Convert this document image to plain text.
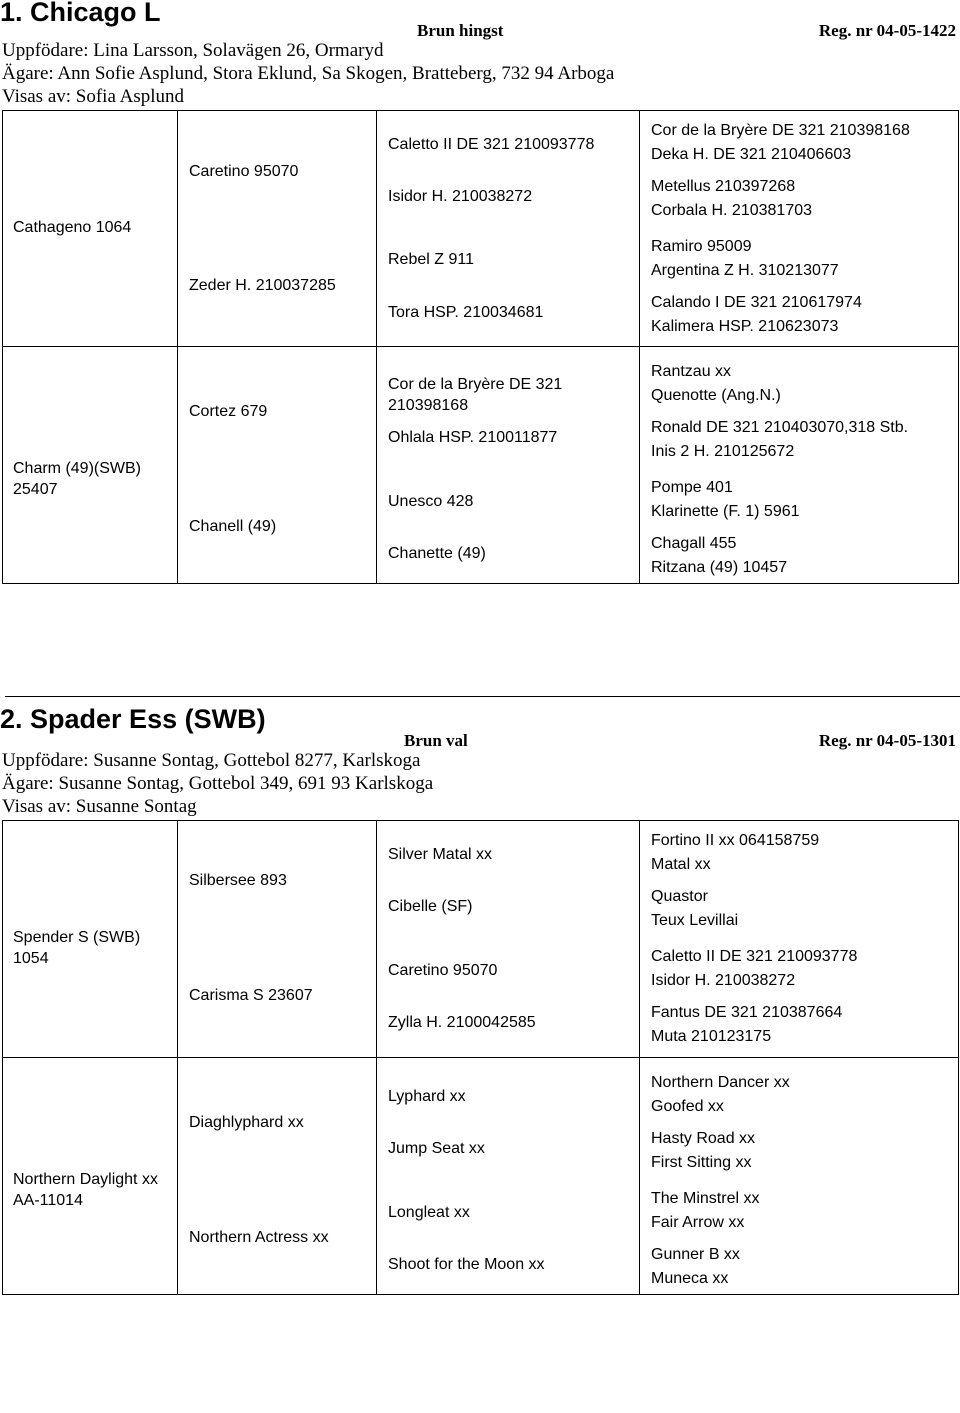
1. Chicago L
Brun hingst	Reg. nr 04-05-1422
Uppfödare: Lina Larsson, Solavägen 26, Ormaryd
Ägare: Ann Sofie Asplund, Stora Eklund, Sa Skogen, Bratteberg, 732 94 Arboga
Visas av: Sofia Asplund
Cathageno 1064
Caretino 95070
Zeder H. 210037285
Caletto II DE 321 210093778
Isidor H. 210038272
Rebel Z 911
Tora HSP. 210034681
Cor de la Bryère DE 321 210398168
Deka H. DE 321 210406603
Metellus 210397268
Corbala H. 210381703
Ramiro 95009
Argentina Z H. 310213077
Calando I DE 321 210617974
Kalimera HSP. 210623073
Charm (49)(SWB)
25407
Cortez 679
Chanell (49)
Cor de la Bryère DE 321
210398168
Ohlala HSP. 210011877
Unesco 428
Chanette (49)
Rantzau xx
Quenotte (Ang.N.)
Ronald DE 321 210403070,318 Stb.
Inis 2 H. 210125672
Pompe 401
Klarinette (F. 1) 5961
Chagall 455
Ritzana (49) 10457
2. Spader Ess (SWB)
Brun val	Reg. nr 04-05-1301
Uppfödare: Susanne Sontag, Gottebol 8277, Karlskoga
Ägare: Susanne Sontag, Gottebol 349, 691 93 Karlskoga
Visas av: Susanne Sontag
Spender S (SWB)
1054
Silbersee 893
Carisma S 23607
Silver Matal xx
Cibelle (SF)
Caretino 95070
Zylla H. 2100042585
Fortino II xx 064158759
Matal xx
Quastor
Teux Levillai
Caletto II DE 321 210093778
Isidor H. 210038272
Fantus DE 321 210387664
Muta 210123175
Northern Daylight xx
AA-11014
Diaghlyphard xx
Northern Actress xx
Lyphard xx
Jump Seat xx
Longleat xx
Shoot for the Moon xx
Northern Dancer xx
Goofed xx
Hasty Road xx
First Sitting xx
The Minstrel xx
Fair Arrow xx
Gunner B xx
Muneca xx
